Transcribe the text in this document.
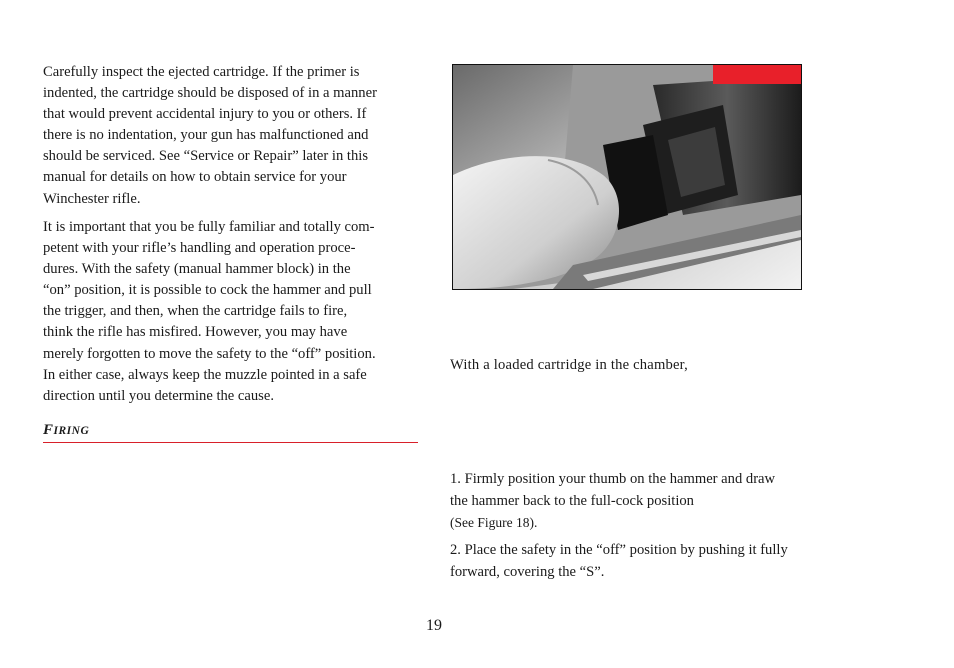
Carefully inspect the ejected cartridge. If the primer is
indented, the cartridge should be disposed of in a manner
that would prevent accidental injury to you or others. If
there is no indentation, your gun has malfunctioned and
should be serviced. See “Service or Repair” later in this
manual for details on how to obtain service for your
Winchester rifle.

It is important that you be fully familiar and totally com-
petent with your rifle’s handling and operation proce-
dures. With the safety (manual hammer block) in the
“on” position, it is possible to cock the hammer and pull
the trigger, and then, when the cartridge fails to fire,
think the rifle has misfired. However, you may have
merely forgotten to move the safety to the “off” position.
In either case, always keep the muzzle pointed in a safe
direction until you determine the cause.

FIRING
With a loaded cartridge in the chamber,

1. Firmly position your thumb on the hammer and draw
the hammer back to the full-cock position
(See Figure 18).

2. Place the safety in the “off” position by pushing it fully
forward, covering the “S”.

19
